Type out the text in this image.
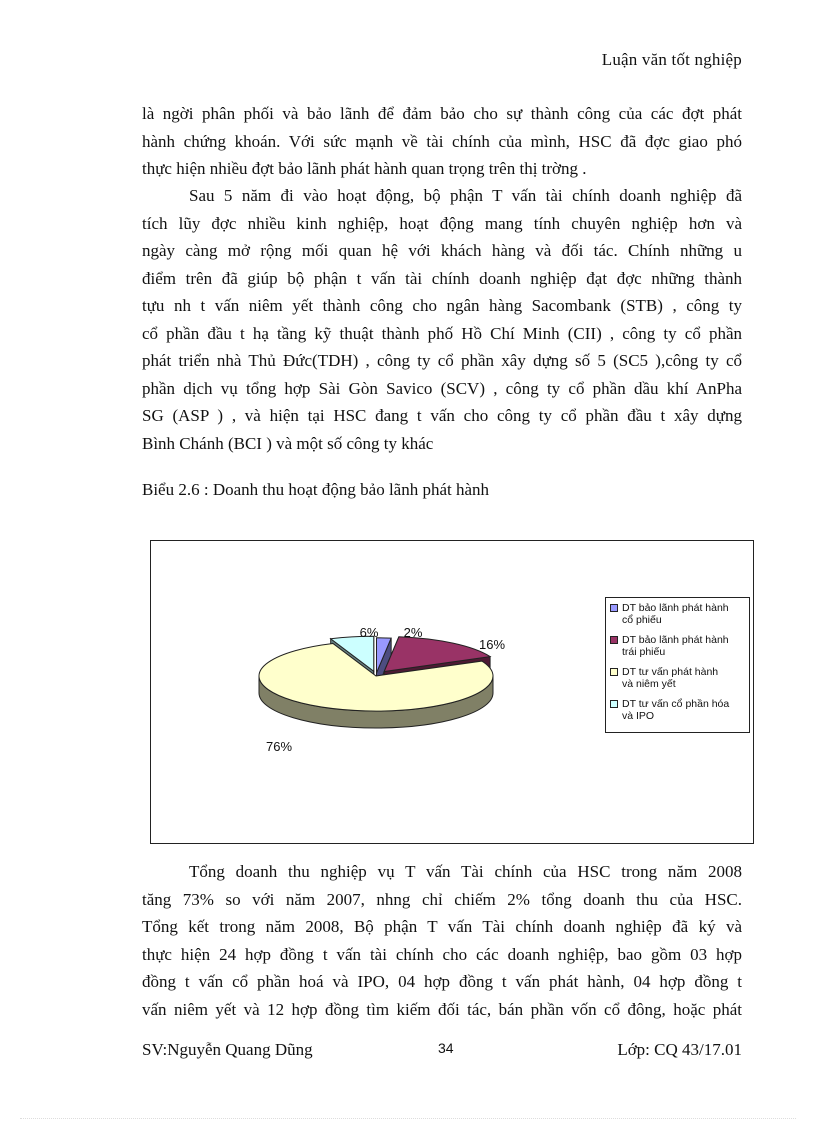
Luận văn tốt nghiệp
là ngời phân phối và bảo lãnh để đảm bảo cho sự thành công của các đợt phát
hành chứng khoán. Với sức mạnh về tài chính của mình, HSC đã đợc giao phó
thực hiện nhiều đợt bảo lãnh phát hành quan trọng trên thị trờng .
Sau 5 năm đi vào hoạt động, bộ phận T vấn tài chính doanh nghiệp đã
tích lũy đợc nhiều kinh nghiệp, hoạt động mang tính chuyên nghiệp hơn và
ngày càng mở rộng mối quan hệ với khách hàng và đối tác. Chính những u
điểm trên đã giúp bộ phận t vấn tài chính doanh nghiệp đạt đợc những thành
tựu nh t vấn niêm yết thành công cho ngân hàng Sacombank (STB) , công ty
cổ phần đầu t hạ tầng kỹ thuật thành phố Hồ Chí Minh (CII) , công ty cổ phần
phát triển nhà Thủ Đức(TDH) , công ty cổ phần xây dựng số 5 (SC5 ),công ty cổ
phần dịch vụ tổng hợp Sài Gòn Savico (SCV) , công ty cổ phần dầu khí AnPha
SG (ASP ) , và hiện tại HSC đang t vấn cho công ty cổ phần đầu t xây dựng
Bình Chánh (BCI ) và một số công ty khác
Biểu 2.6 : Doanh thu hoạt động bảo lãnh phát hành
2%
16%
76%
6%
DT bảo lãnh phát hành
cổ phiếu
DT bảo lãnh phát hành
trái phiếu
DT tư vấn phát hành
và niêm yết
DT tư vấn cổ phần hóa
và IPO
Tổng doanh thu nghiệp vụ T vấn Tài chính của HSC trong năm 2008
tăng 73% so với năm 2007, nhng chỉ chiếm 2% tổng doanh thu của HSC.
Tổng kết trong năm 2008, Bộ phận T vấn Tài chính doanh nghiệp đã ký và
thực hiện 24 hợp đồng t vấn tài chính cho các doanh nghiệp, bao gồm 03 hợp
đồng t vấn cổ phần hoá và IPO, 04 hợp đồng t vấn phát hành, 04 hợp đồng t
vấn niêm yết và 12 hợp đồng tìm kiếm đối tác, bán phần vốn cổ đông, hoặc phát
SV:Nguyễn Quang Dũng	34	Lớp: CQ 43/17.01
